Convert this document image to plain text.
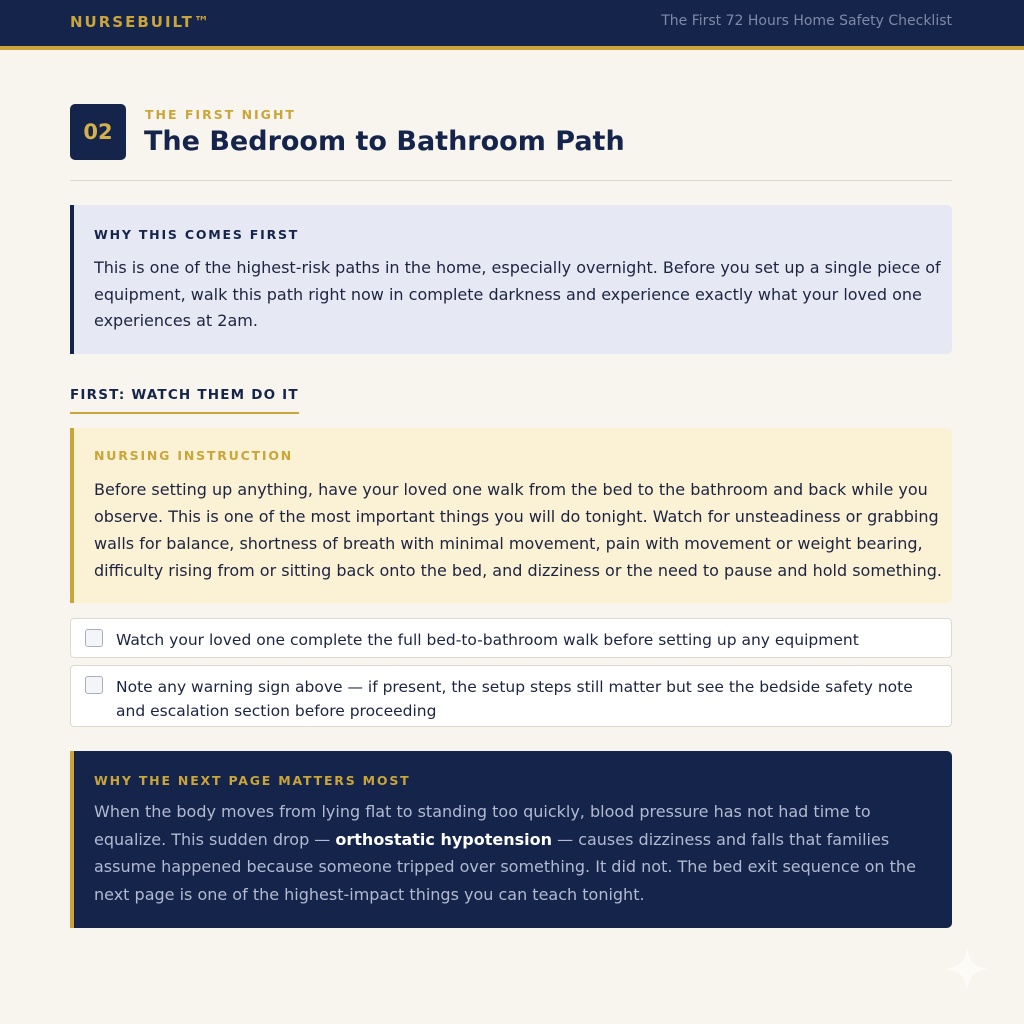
NURSEBUILT™	The First 72 Hours Home Safety Checklist
02
THE FIRST NIGHT
The Bedroom to Bathroom Path
WHY THIS COMES FIRST

This is one of the highest-risk paths in the home, especially overnight. Before you set up a single piece of equipment, walk this path right now in complete darkness and experience exactly what your loved one experiences at 2am.

FIRST: WATCH THEM DO IT
NURSING INSTRUCTION

Before setting up anything, have your loved one walk from the bed to the bathroom and back while you observe. This is one of the most important things you will do tonight. Watch for unsteadiness or grabbing walls for balance, shortness of breath with minimal movement, pain with movement or weight bearing, difficulty rising from or sitting back onto the bed, and dizziness or the need to pause and hold something.

Watch your loved one complete the full bed-to-bathroom walk before setting up any equipment
Note any warning sign above — if present, the setup steps still matter but see the bedside safety note and escalation section before proceeding
WHY THE NEXT PAGE MATTERS MOST

When the body moves from lying flat to standing too quickly, blood pressure has not had time to equalize. This sudden drop — orthostatic hypotension — causes dizziness and falls that families assume happened because someone tripped over something. It did not. The bed exit sequence on the next page is one of the highest-impact things you can teach tonight.
